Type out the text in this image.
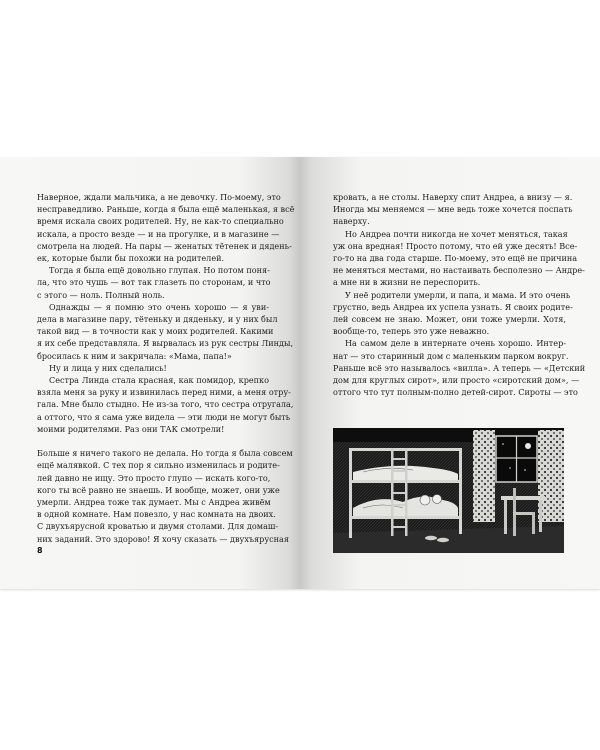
Наверное, ждали мальчика, а не девочку. По-моему, это
несправедливо. Раньше, когда я была ещё маленькая, я всё
время искала своих родителей. Ну, не как-то специально
искала, а просто везде — и на прогулке, и в магазине —
смотрела на людей. На пары — женатых тётенек и дядень-
ек, которые были бы похожи на родителей.
Тогда я была ещё довольно глупая. Но потом поня-
ла, что это чушь — вот так глазеть по сторонам, и что
с этого — ноль. Полный ноль.
Однажды — я помню это очень хорошо — я уви-
дела в магазине пару, тётеньку и дяденьку, и у них был
такой вид — в точности как у моих родителей. Какими
я их себе представляла. Я вырвалась из рук сестры Линды,
бросилась к ним и закричала: «Мама, папа!»
Ну и лица у них сделались!
Сестра Линда стала красная, как помидор, крепко
взяла меня за руку и извинилась перед ними, а меня отру-
гала. Мне было стыдно. Не из-за того, что сестра отругала,
а оттого, что я сама уже видела — эти люди не могут быть
моими родителями. Раз они ТАК смотрели!

Больше я ничего такого не делала. Но тогда я была совсем
ещё малявкой. С тех пор я сильно изменилась и родите-
лей давно не ищу. Это просто глупо — искать кого-то,
кого ты всё равно не знаешь. И вообще, может, они уже
умерли. Андреа тоже так думает. Мы с Андреа живём
в одной комнате. Нам повезло, у нас комната на двоих.
С двухъярусной кроватью и двумя столами. Для домаш-
них заданий. Это здорово! Я хочу сказать — двухъярусная
8
кровать, а не столы. Наверху спит Андреа, а внизу — я.
Иногда мы меняемся — мне ведь тоже хочется поспать
наверху.
Но Андреа почти никогда не хочет меняться, такая
уж она вредная! Просто потому, что ей уже десять! Все-
го-то на два года старше. По-моему, это ещё не причина
не меняться местами, но настаивать бесполезно — Андре-
а мне ни в жизни не переспорить.
У неё родители умерли, и папа, и мама. И это очень
грустно, ведь Андреа их успела узнать. Я своих родите-
лей совсем не знаю. Может, они тоже умерли. Хотя,
вообще-то, теперь это уже неважно.
На самом деле в интернате очень хорошо. Интер-
нат — это старинный дом с маленьким парком вокруг.
Раньше всё это называлось «вилла». А теперь — «Детский
дом для круглых сирот», или просто «сиротский дом», —
оттого что тут полным-полно детей-сирот. Сироты — это
